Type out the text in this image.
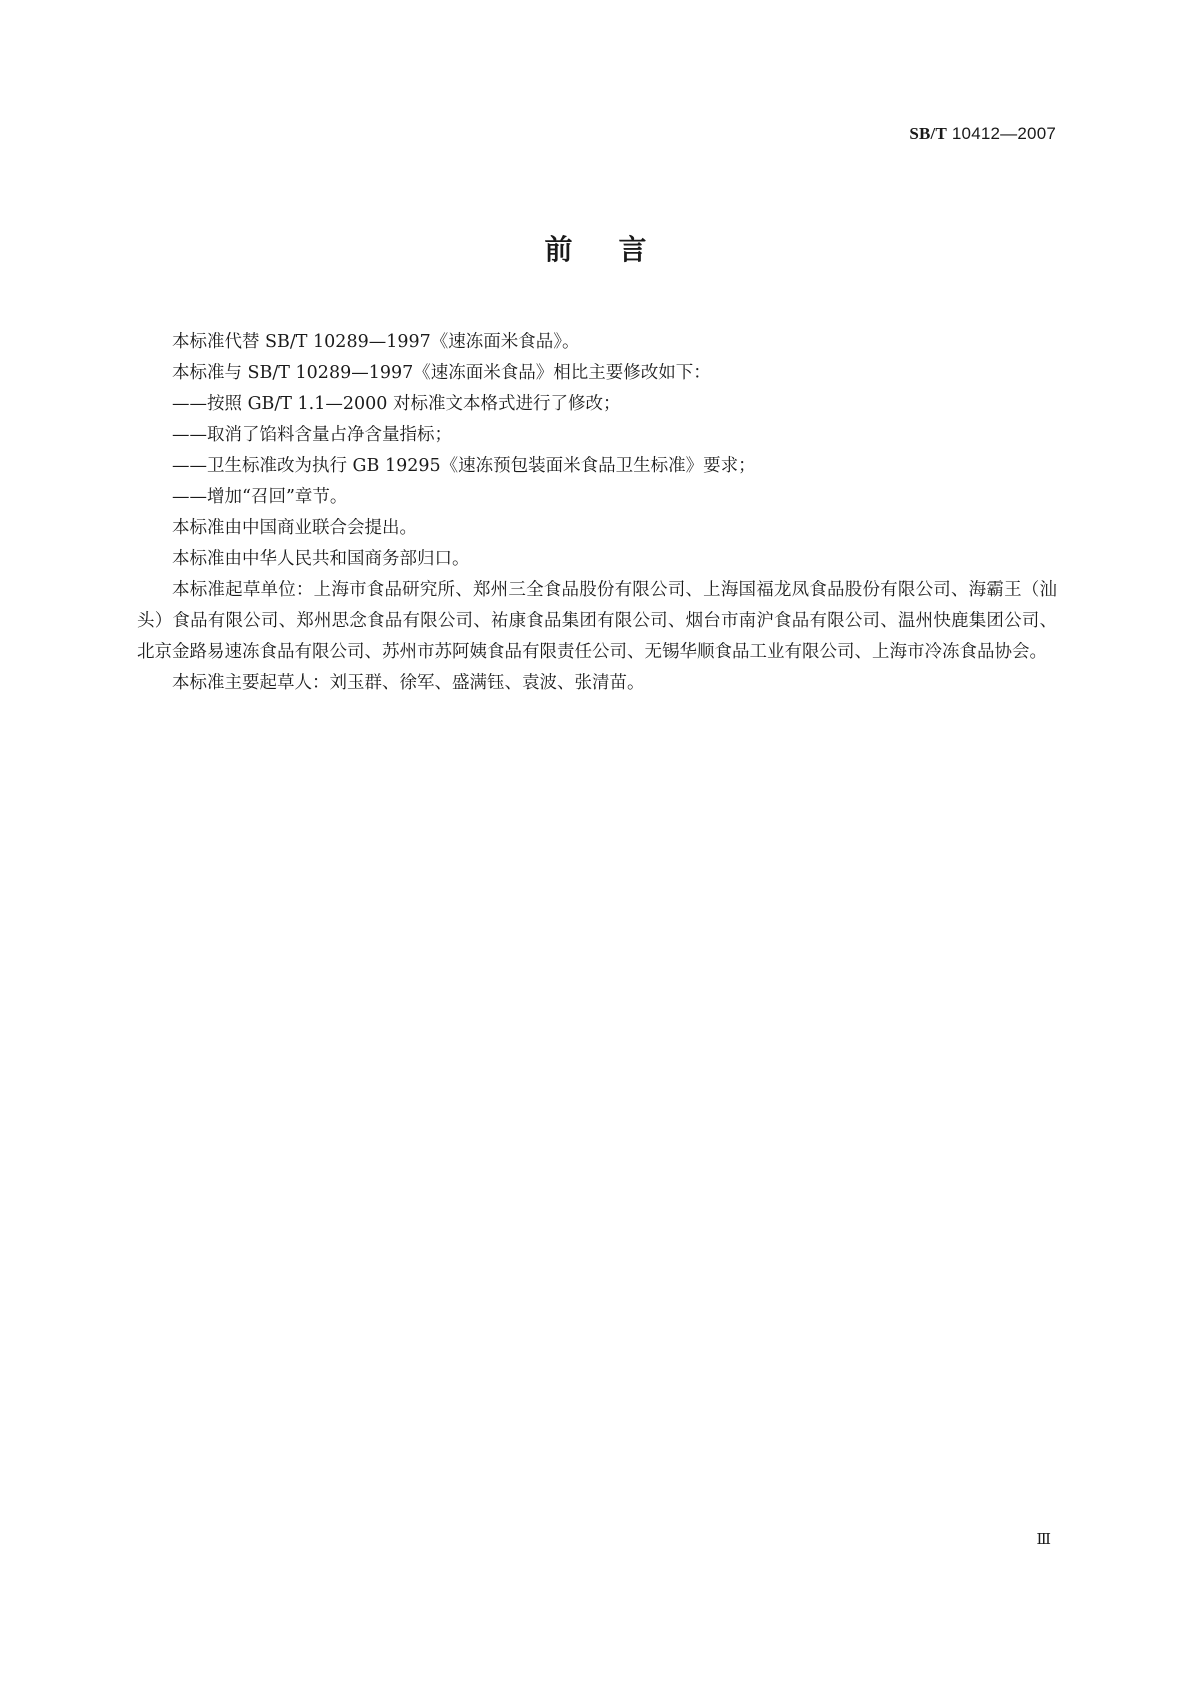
SB/T 10412—2007
前 言

本标准代替 SB/T 10289—1997《速冻面米食品》。

本标准与 SB/T 10289—1997《速冻面米食品》相比主要修改如下：

——按照 GB/T 1.1—2000 对标准文本格式进行了修改；

——取消了馅料含量占净含量指标；

——卫生标准改为执行 GB 19295《速冻预包装面米食品卫生标准》要求；

——增加“召回”章节。

本标准由中国商业联合会提出。

本标准由中华人民共和国商务部归口。

本标准起草单位：上海市食品研究所、郑州三全食品股份有限公司、上海国福龙凤食品股份有限公司、海霸王（汕头）食品有限公司、郑州思念食品有限公司、祐康食品集团有限公司、烟台市南沪食品有限公司、温州快鹿集团公司、北京金路易速冻食品有限公司、苏州市苏阿姨食品有限责任公司、无锡华顺食品工业有限公司、上海市冷冻食品协会。

本标准主要起草人：刘玉群、徐军、盛满钰、袁波、张清苗。

Ⅲ
